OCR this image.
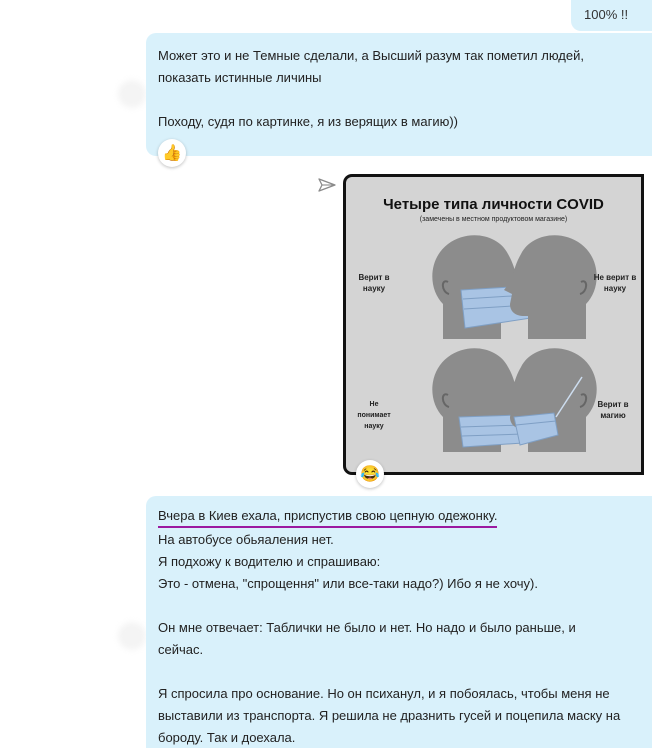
100% !!
Может это и не Темные сделали, а Высший разум так пометил людей,
показать истинные личины
Походу, судя по картинке, я из верящих в магию))
👍
Четыре типа личности COVID
(замечены в местном продуктовом магазине)
Верит в науку
Не верит в науку
Не понимает науку
Верит в магию
😂
Вчера в Киев ехала, приспустив свою цепную одежонку.
На автобусе обьяаления нет.
Я подхожу к водителю и спрашиваю:
Это - отмена, "спрощення" или все-таки надо?) Ибо я не хочу).
Он мне отвечает: Таблички не было и нет. Но надо и было раньше, и
сейчас.
Я спросила про основание. Но он психанул, и я побоялась, чтобы меня не
выставили из транспорта. Я решила не дразнить гусей и поцепила маску на
бороду. Так и доехала.
